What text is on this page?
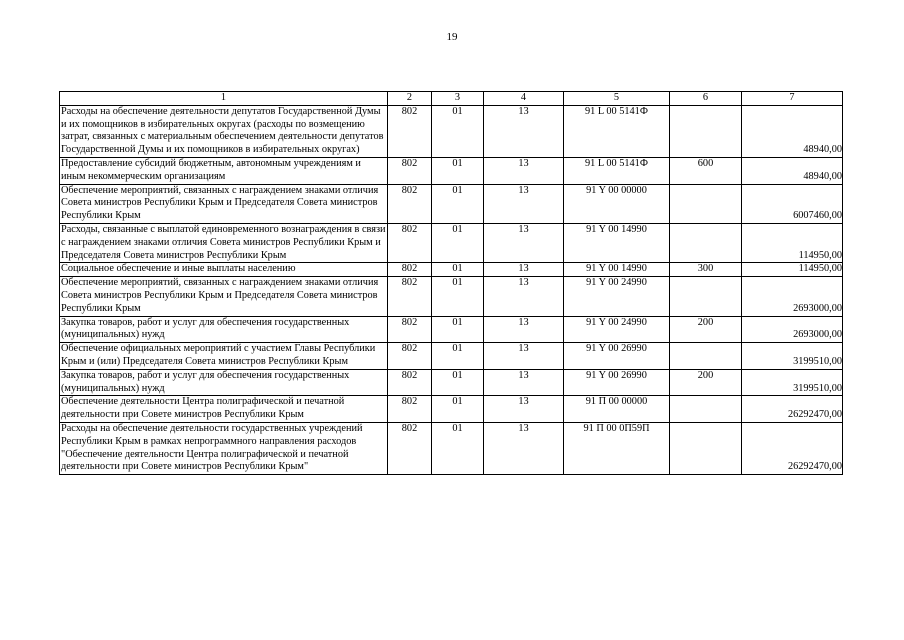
19
1	2	3	4	5	6	7
Расходы на обеспечение деятельности депутатов Государственной Думы и их помощников в избирательных округах (расходы по возмещению затрат, связанных с материальным обеспечением деятельности депутатов Государственной Думы и их помощников в избирательных округах)	802	01	13	91 L 00 5141Ф		48940,00
Предоставление субсидий бюджетным, автономным учреждениям и иным некоммерческим организациям	802	01	13	91 L 00 5141Ф	600	48940,00
Обеспечение мероприятий, связанных с награждением знаками отличия Совета министров Республики Крым и Председателя Совета министров Республики Крым	802	01	13	91 Y 00 00000		6007460,00
Расходы, связанные с выплатой единовременного вознаграждения в связи с награждением знаками отличия Совета министров Республики Крым и Председателя Совета министров Республики Крым	802	01	13	91 Y 00 14990		114950,00
Социальное обеспечение и иные выплаты населению	802	01	13	91 Y 00 14990	300	114950,00
Обеспечение мероприятий, связанных с награждением знаками отличия Совета министров Республики Крым и Председателя Совета министров Республики Крым	802	01	13	91 Y 00 24990		2693000,00
Закупка товаров, работ и услуг для обеспечения государственных (муниципальных) нужд	802	01	13	91 Y 00 24990	200	2693000,00
Обеспечение официальных мероприятий с участием Главы Республики Крым и (или) Председателя Совета министров Республики Крым	802	01	13	91 Y 00 26990		3199510,00
Закупка товаров, работ и услуг для обеспечения государственных (муниципальных) нужд	802	01	13	91 Y 00 26990	200	3199510,00
Обеспечение деятельности Центра полиграфической и печатной деятельности при Совете министров Республики Крым	802	01	13	91 П 00 00000		26292470,00
Расходы на обеспечение деятельности государственных учреждений Республики Крым в рамках непрограммного направления расходов "Обеспечение деятельности Центра полиграфической и печатной деятельности при Совете министров Республики Крым"	802	01	13	91 П 00 0П59П		26292470,00
